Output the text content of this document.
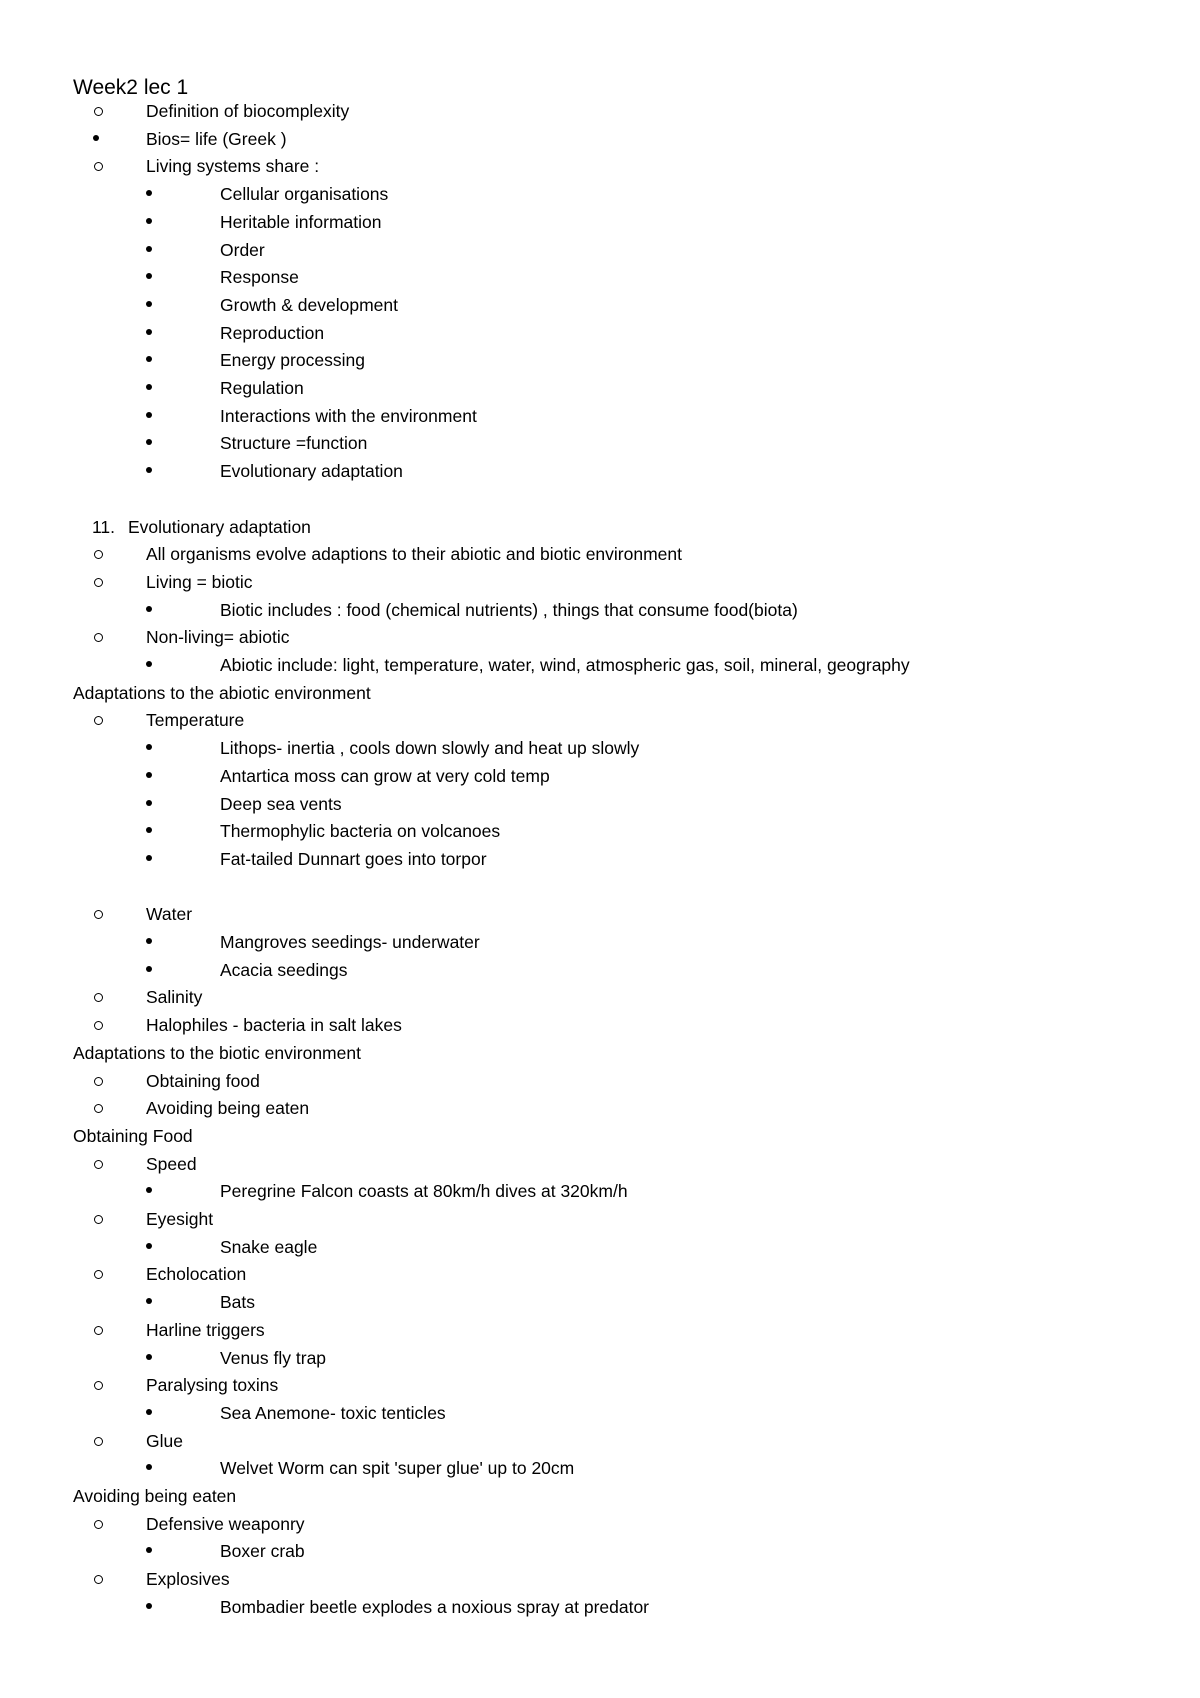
Week2 lec 1
Definition of biocomplexity
Bios= life (Greek )
Living systems share :
Cellular organisations
Heritable information
Order
Response
Growth & development
Reproduction
Energy processing
Regulation
Interactions with the environment
Structure =function
Evolutionary adaptation
11. Evolutionary adaptation
All organisms evolve adaptions to their abiotic and biotic environment
Living = biotic
Biotic includes : food (chemical nutrients) , things that consume food(biota)
Non-living= abiotic
Abiotic include: light, temperature, water, wind, atmospheric gas, soil, mineral, geography
Adaptations to the abiotic environment
Temperature
Lithops- inertia , cools down slowly and heat up slowly
Antartica moss can grow at very cold temp
Deep sea vents
Thermophylic bacteria on volcanoes
Fat-tailed Dunnart goes into torpor
Water
Mangroves seedings- underwater
Acacia seedings
Salinity
Halophiles - bacteria in salt lakes
Adaptations to the biotic environment
Obtaining food
Avoiding being eaten
Obtaining Food
Speed
Peregrine Falcon coasts at 80km/h dives at 320km/h
Eyesight
Snake eagle
Echolocation
Bats
Harline triggers
Venus fly trap
Paralysing toxins
Sea Anemone- toxic tenticles
Glue
Welvet Worm can spit 'super glue' up to 20cm
Avoiding being eaten
Defensive weaponry
Boxer crab
Explosives
Bombadier beetle explodes a noxious spray at predator
